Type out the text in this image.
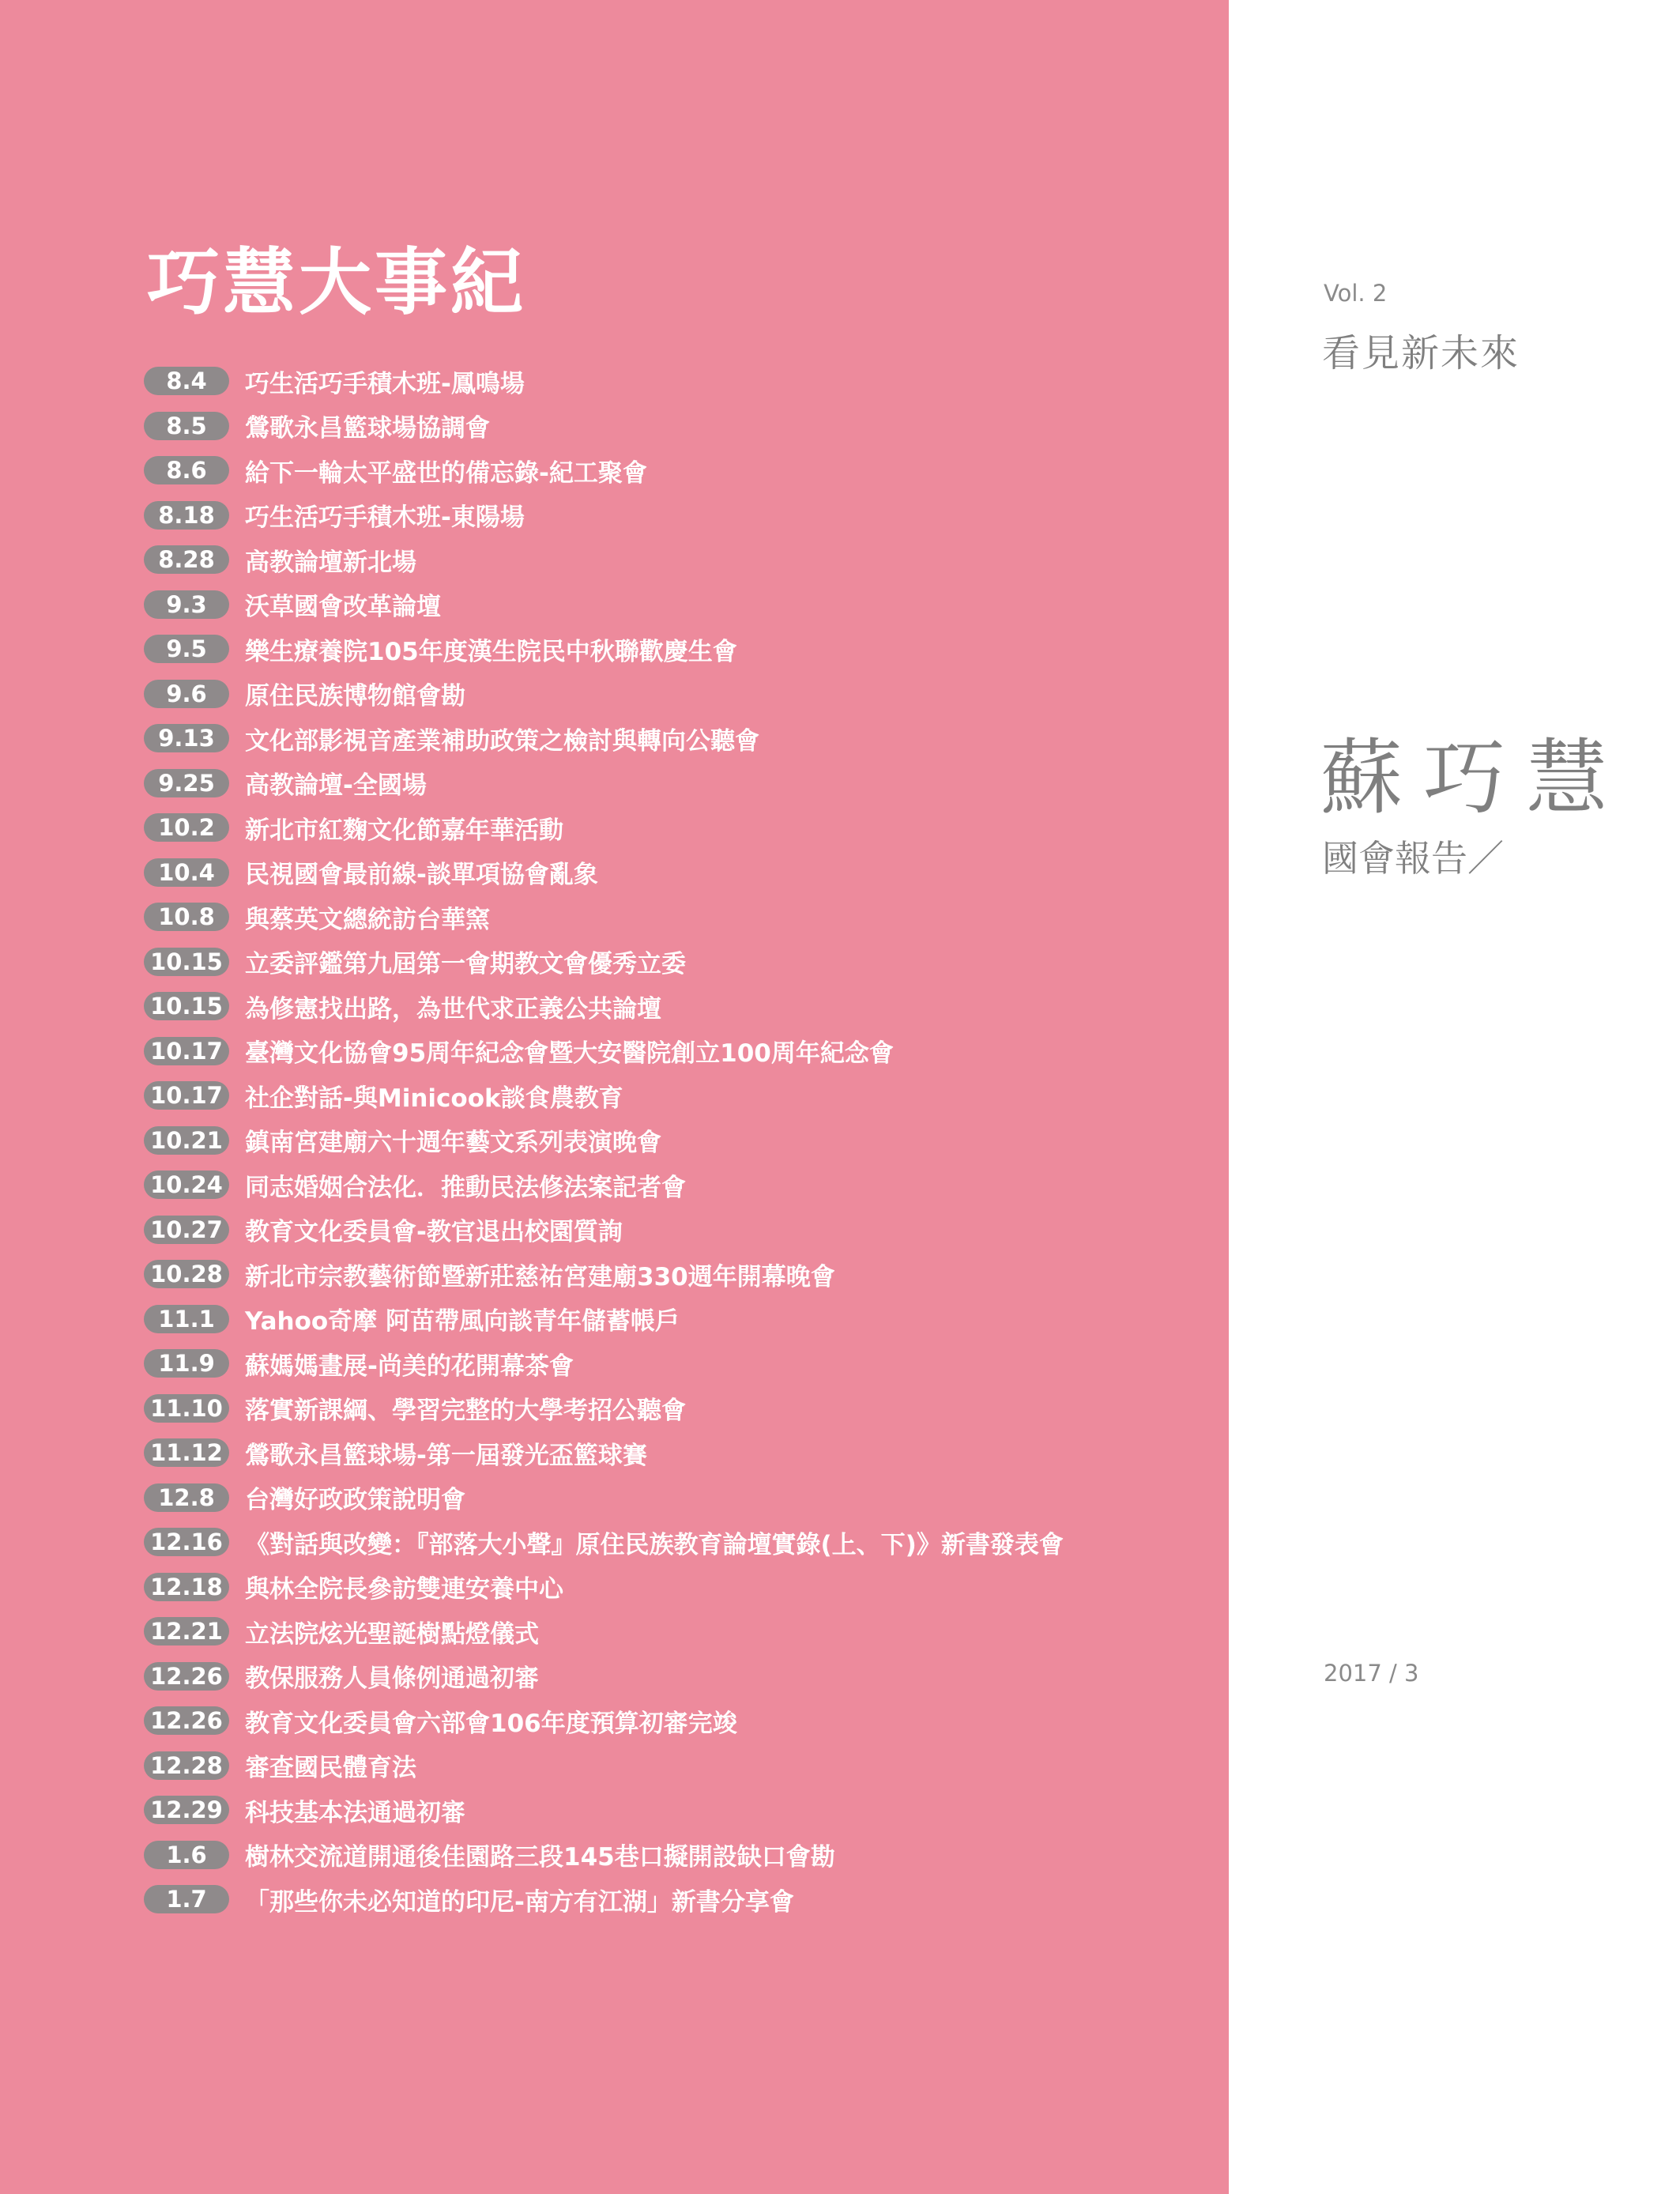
巧慧大事紀
8.4	巧生活巧手積木班-鳳鳴場
8.5	鶯歌永昌籃球場協調會
8.6	給下一輪太平盛世的備忘錄-紀工聚會
8.18	巧生活巧手積木班-東陽場
8.28	高教論壇新北場
9.3	沃草國會改革論壇
9.5	樂生療養院105年度漢生院民中秋聯歡慶生會
9.6	原住民族博物館會勘
9.13	文化部影視音產業補助政策之檢討與轉向公聽會
9.25	高教論壇-全國場
10.2	新北市紅麴文化節嘉年華活動
10.4	民視國會最前線-談單項協會亂象
10.8	與蔡英文總統訪台華窯
10.15 立委評鑑第九屆第一會期教文會優秀立委
10.15 為修憲找出路，為世代求正義公共論壇
10.17 臺灣文化協會95周年紀念會暨大安醫院創立100周年紀念會
10.17 社企對話-與Minicook談食農教育
10.21 鎮南宮建廟六十週年藝文系列表演晚會
10.24 同志婚姻合法化．推動民法修法案記者會
10.27 教育文化委員會-教官退出校園質詢
10.28 新北市宗教藝術節暨新莊慈祐宮建廟330週年開幕晚會
11.1	Yahoo奇摩 阿苗帶風向談青年儲蓄帳戶
11.9	蘇媽媽畫展-尚美的花開幕茶會
11.10 落實新課綱、學習完整的大學考招公聽會
11.12 鶯歌永昌籃球場-第一屆發光盃籃球賽
12.8	台灣好政政策說明會
12.16 《對話與改變：『部落大小聲』原住民族教育論壇實錄(上、下)》新書發表會
12.18 與林全院長參訪雙連安養中心
12.21 立法院炫光聖誕樹點燈儀式
12.26 教保服務人員條例通過初審
12.26 教育文化委員會六部會106年度預算初審完竣
12.28 審查國民體育法
12.29 科技基本法通過初審
1.6	樹林交流道開通後佳園路三段145巷口擬開設缺口會勘
1.7	「那些你未必知道的印尼-南方有江湖」新書分享會
Vol. 2
看見新未來
蘇巧慧
國會報告／
2017 / 3
